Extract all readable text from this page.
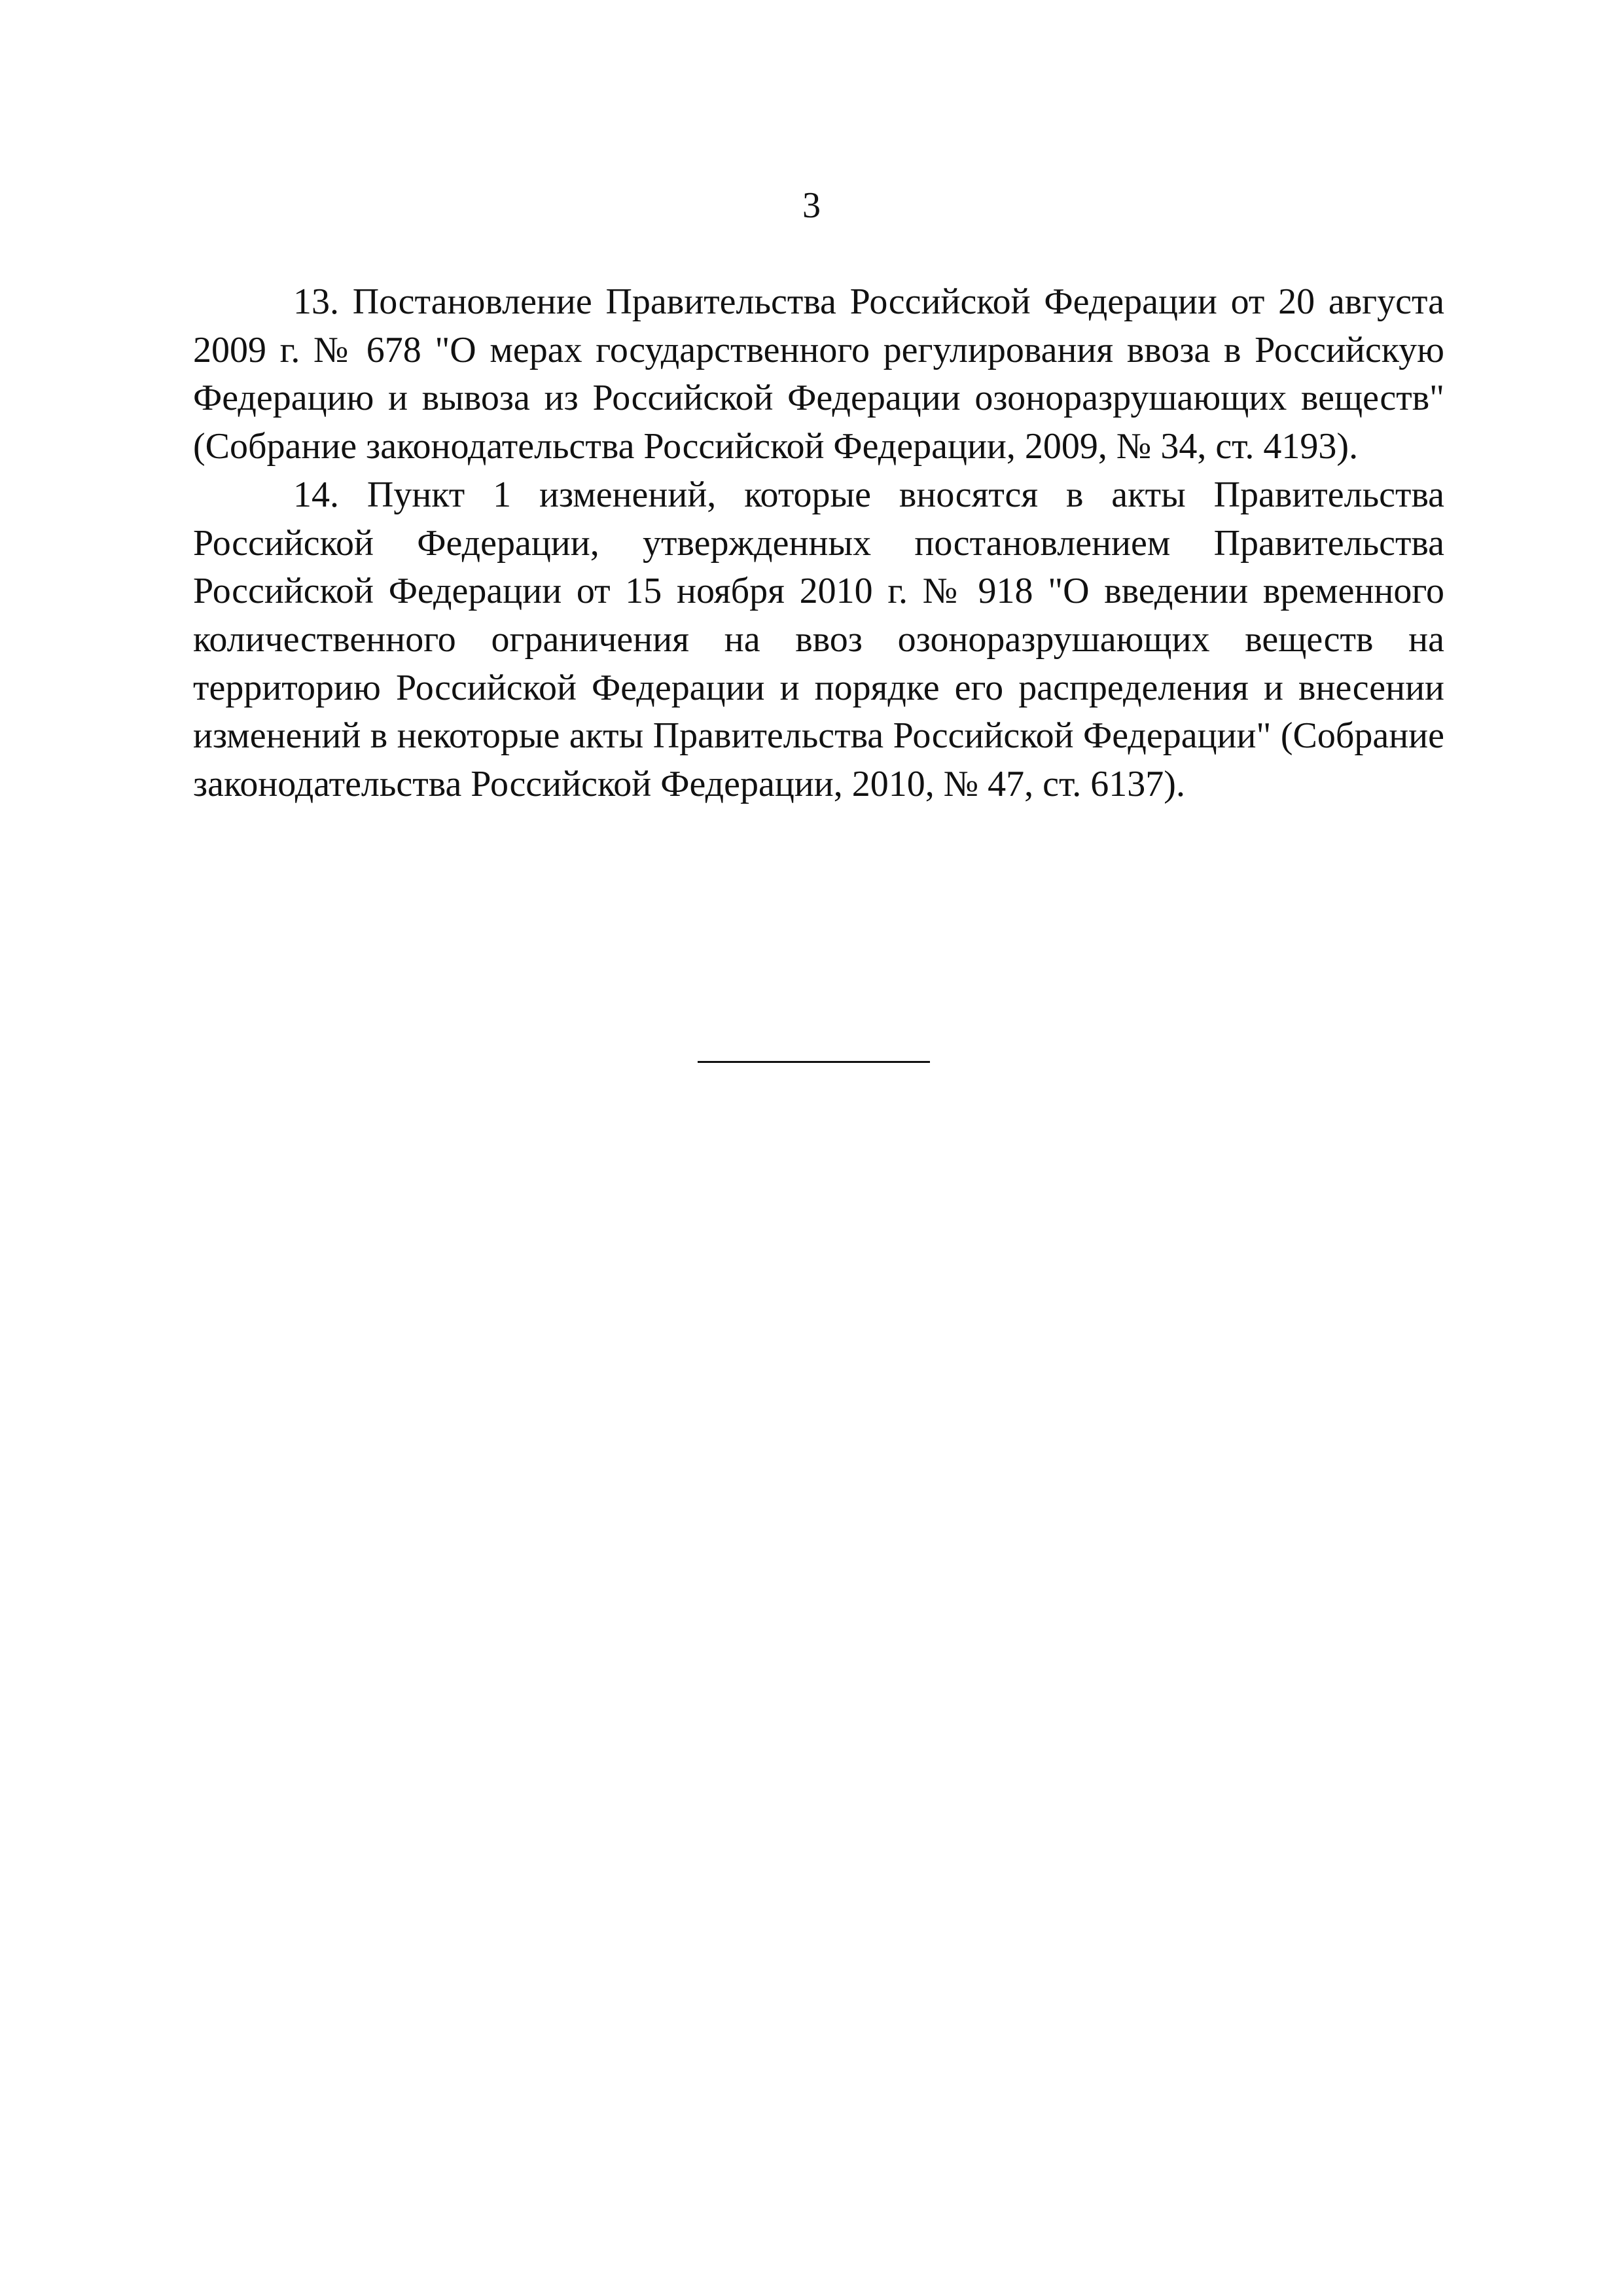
3

13. Постановление Правительства Российской Федерации от 20 августа 2009 г. № 678 "О мерах государственного регулирования ввоза в Российскую Федерацию и вывоза из Российской Федерации озоноразрушающих веществ" (Собрание законодательства Российской Федерации, 2009, № 34, ст. 4193).

14. Пункт 1 изменений, которые вносятся в акты Правительства Российской Федерации, утвержденных постановлением Правительства Российской Федерации от 15 ноября 2010 г. № 918 "О введении временного количественного ограничения на ввоз озоноразрушающих веществ на территорию Российской Федерации и порядке его распределения и внесении изменений в некоторые акты Правительства Российской Федерации" (Собрание законодательства Российской Федерации, 2010, № 47, ст. 6137).
